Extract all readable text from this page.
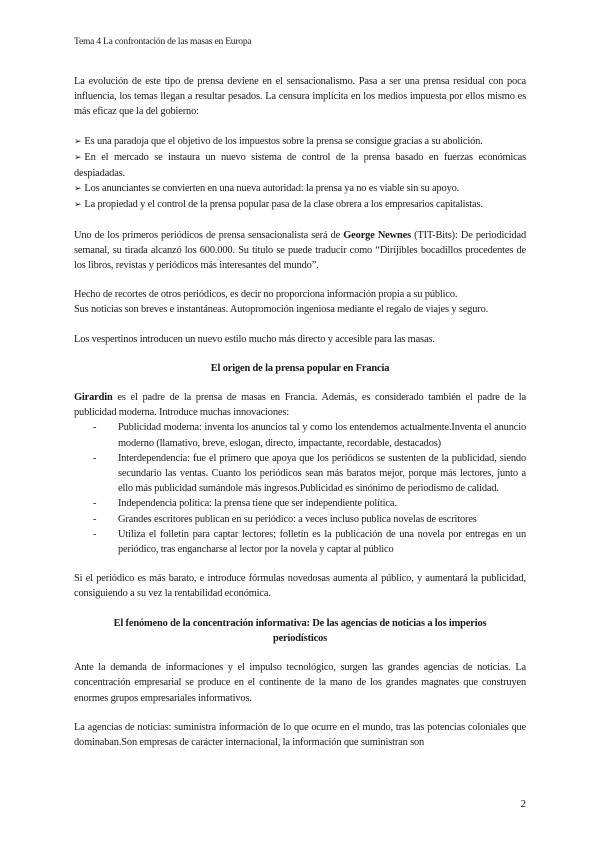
Tema 4 La confrontación de las masas en Europa

La evolución de este tipo de prensa deviene en el sensacionalismo. Pasa a ser una prensa residual con poca influencia, los temas llegan a resultar pesados. La censura implícita en los medios impuesta por ellos mismo es más eficaz que la del gobierno:

➢ Es una paradoja que el objetivo de los impuestos sobre la prensa se consigue gracias a su abolición.

➢ En el mercado se instaura un nuevo sistema de control de la prensa basado en fuerzas económicas despiadadas.

➢ Los anunciantes se convierten en una nueva autoridad: la prensa ya no es viable sin su apoyo.

➢ La propiedad y el control de la prensa popular pasa de la clase obrera a los empresarios capitalistas.

Uno de los primeros periódicos de prensa sensacionalista será de George Newnes (TIT-Bits): De periodicidad semanal, su tirada alcanzó los 600.000. Su título se puede traducir como “Diríjibles bocadillos procedentes de los libros, revistas y periódicos más interesantes del mundo”.

Hecho de recortes de otros periódicos, es decir no proporciona información propia a su público.

Sus noticias son breves e instantáneas. Autopromoción ingeniosa mediante el regalo de viajes y seguro.

Los vespertinos introducen un nuevo estilo mucho más directo y accesible para las masas.

El origen de la prensa popular en Francia

Girardin es el padre de la prensa de masas en Francia. Además, es considerado también el padre de la publicidad moderna. Introduce muchas innovaciones:

- Publicidad moderna: inventa los anuncios tal y como los entendemos actualmente.Inventa el anuncio moderno (llamativo, breve, eslogan, directo, impactante, recordable, destacados)
- Interdependencia: fue el primero que apoya que los periódicos se sustenten de la publicidad, siendo secundario las ventas. Cuanto los periódicos sean más baratos mejor, porque más lectores, junto a ello más publicidad sumándole más ingresos.Publicidad es sinónimo de periodismo de calidad.
- Independencia política: la prensa tiene que ser independiente política.
- Grandes escritores publican en su periódico: a veces incluso publica novelas de escritores
- Utiliza el folletín para captar lectores; folletín es la publicación de una novela por entregas en un periódico, tras engancharse al lector por la novela y captar al público

Si el periódico es más barato, e introduce fórmulas novedosas aumenta al público, y aumentará la publicidad, consiguiendo a su vez la rentabilidad económica.

El fenómeno de la concentración informativa: De las agencias de noticias a los imperios
periodísticos

Ante la demanda de informaciones y el impulso tecnológico, surgen las grandes agencias de noticias. La concentración empresarial se produce en el continente de la mano de los grandes magnates que construyen enormes grupos empresariales informativos.

La agencias de noticias: suministra información de lo que ocurre en el mundo, tras las potencias coloniales que dominaban.Son empresas de carácter internacional, la información que suministran son

2
